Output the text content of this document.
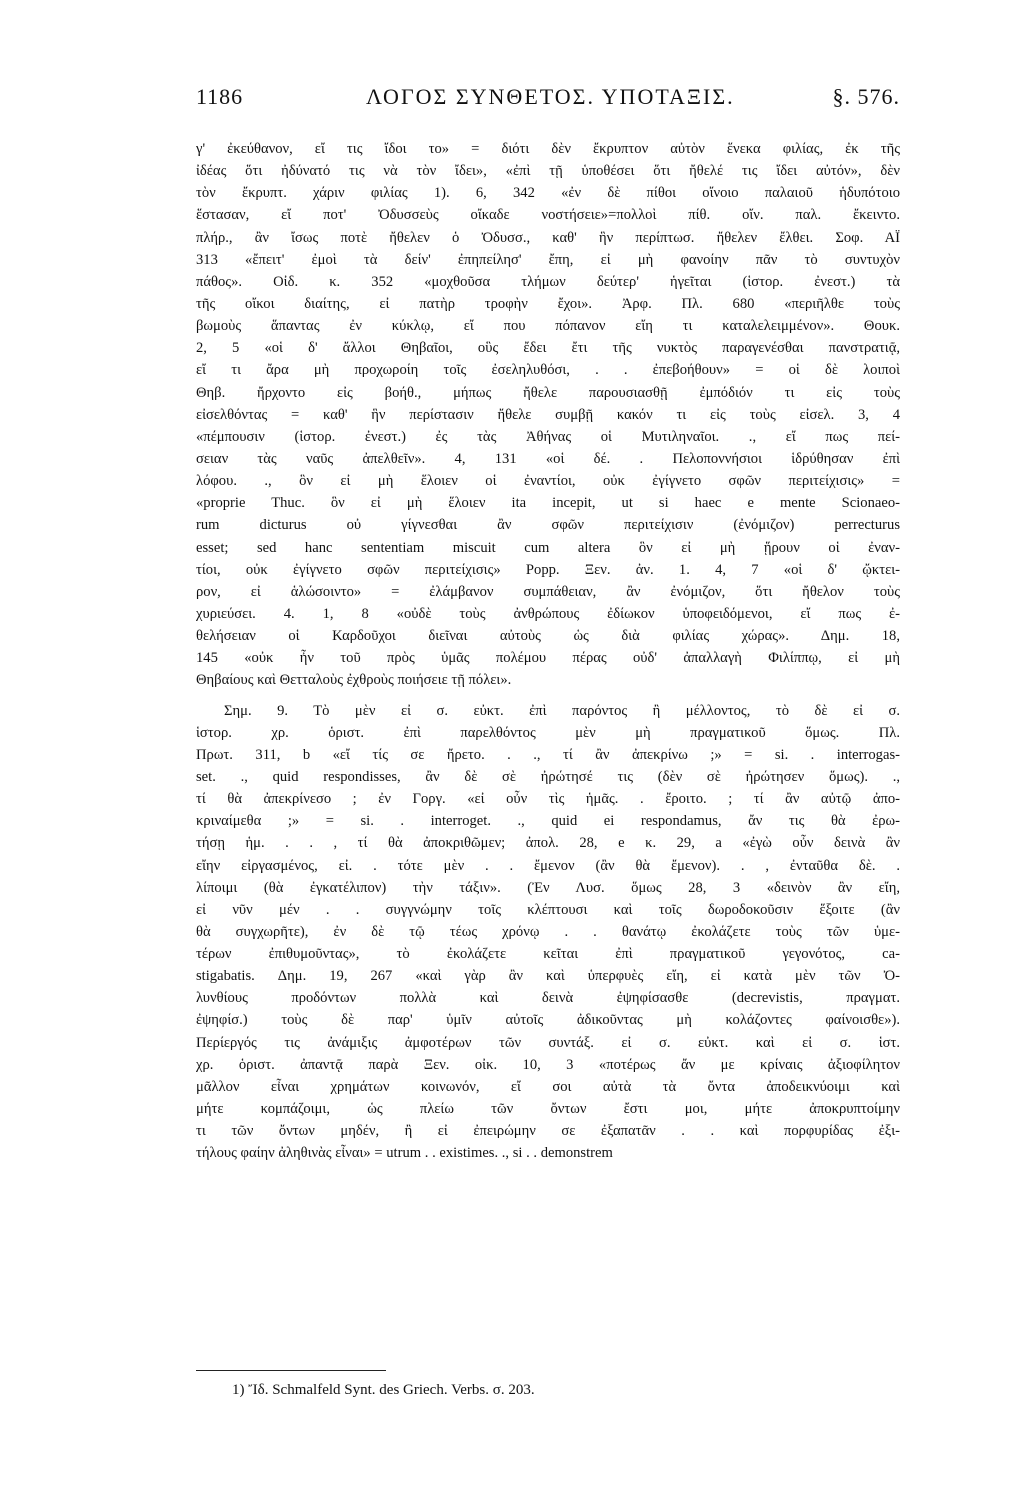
1186	ΛΟΓΟΣ ΣΥΝΘΕΤΟΣ. ΥΠΟΤΑΞΙΣ.	§. 576.
γ' ἐκεύθανον, εἴ τις ἴδοι το» = διότι δὲν ἔκρυπτον αὐτὸν ἕνεκα φιλίας, ἐκ τῆς
ἰδέας ὅτι ἠδύνατό τις νὰ τὸν ἴδει», «ἐπὶ τῇ ὑποθέσει ὅτι ἤθελέ τις ἴδει αὐτόν», δὲν
τὸν ἔκρυπτ. χάριν φιλίας 1). 6, 342 «ἐν δὲ πίθοι οἴνοιο παλαιοῦ ἡδυπότοιο
ἕστασαν, εἴ ποτ' Ὀδυσσεὺς οἴκαδε νοστήσειε»=πολλοὶ πίθ. οἴν. παλ. ἔκειντο.
πλήρ., ἂν ἴσως ποτὲ ἤθελεν ὁ Ὀδυσσ., καθ' ἣν περίπτωσ. ἤθελεν ἔλθει. Σοφ. ΑΪ
313 «ἔπειτ' ἐμοὶ τὰ δείν' ἐπηπείλησ' ἔπη, εἰ μὴ φανοίην πᾶν τὸ συντυχὸν
πάθος». Οἰδ. κ. 352 «μοχθοῦσα τλήμων δεύτερ' ἡγεῖται (ἱστορ. ἐνεστ.) τὰ
τῆς οἴκοι διαίτης, εἰ πατὴρ τροφὴν ἔχοι». Ἀρφ. Πλ. 680 «περιῆλθε τοὺς
βωμοὺς ἅπαντας ἐν κύκλῳ, εἴ που πόπανον εἴη τι καταλελειμμένον». Θουκ.
2, 5 «οἱ δ' ἄλλοι Θηβαῖοι, οὓς ἔδει ἔτι τῆς νυκτὸς παραγενέσθαι πανστρατιᾷ,
εἴ τι ἄρα μὴ προχωροίη τοῖς ἐσεληλυθόσι, . . ἐπεβοήθουν» = οἱ δὲ λοιποὶ
Θηβ. ἤρχοντο εἰς βοήθ., μήπως ἤθελε παρουσιασθῇ ἐμπόδιόν τι εἰς τοὺς
εἰσελθόντας = καθ' ἣν περίστασιν ἤθελε συμβῇ κακόν τι εἰς τοὺς εἰσελ. 3, 4
«πέμπουσιν (ἱστορ. ἐνεστ.) ἐς τὰς Ἀθήνας οἱ Μυτιληναῖοι. ., εἴ πως πεί-
σειαν τὰς ναῦς ἀπελθεῖν». 4, 131 «οἱ δέ. . Πελοποννήσιοι ἱδρύθησαν ἐπὶ
λόφου. ., ὃν εἰ μὴ ἕλοιεν οἱ ἐναντίοι, οὐκ ἐγίγνετο σφῶν περιτείχισις» =
«proprie Thuc. ὃν εἰ μὴ ἕλοιεν ita incepit, ut si haec e mente Scionaeo-
rum dicturus οὐ γίγνεσθαι ἂν σφῶν περιτείχισιν (ἐνόμιζον) perrecturus
esset; sed hanc sententiam miscuit cum altera ὃν εἰ μὴ ᾕρουν οἱ ἐναν-
τίοι, οὐκ ἐγίγνετο σφῶν περιτείχισις» Popp. Ξεν. ἀν. 1. 4, 7 «οἱ δ' ᾤκτει-
ρον, εἰ ἁλώσοιντο» = ἐλάμβανον συμπάθειαν, ἂν ἐνόμιζον, ὅτι ἤθελον τοὺς
χυριεύσει. 4. 1, 8 «οὐδὲ τοὺς ἀνθρώπους ἐδίωκον ὑποφειδόμενοι, εἴ πως ἐ-
θελήσειαν οἱ Καρδοῦχοι διεῖναι αὐτοὺς ὡς διὰ φιλίας χώρας». Δημ. 18,
145 «οὐκ ἦν τοῦ πρὸς ὑμᾶς πολέμου πέρας οὐδ' ἀπαλλαγὴ Φιλίππῳ, εἰ μὴ
Θηβαίους καὶ Θετταλοὺς ἐχθροὺς ποιήσειε τῇ πόλει».
Σημ. 9. Τὸ μὲν εἰ σ. εὐκτ. ἐπὶ παρόντος ἢ μέλλοντος, τὸ δὲ εἰ σ.
ἱστορ. χρ. ὁριστ. ἐπὶ παρελθόντος μὲν μὴ πραγματικοῦ ὅμως. Πλ.
Πρωτ. 311, b «εἴ τίς σε ἤρετο. . ., τί ἂν ἀπεκρίνω ;» = si. . interrogas-
set. ., quid respondisses, ἂν δὲ σὲ ἠρώτησέ τις (δὲν σὲ ἠρώτησεν ὅμως). .,
τί θὰ ἀπεκρίνεσο ; ἐν Γοργ. «εἰ οὖν τὶς ἡμᾶς. . ἔροιτο. ; τί ἂν αὐτῷ ἀπο-
κριναίμεθα ;» = si. . interroget. ., quid ei respondamus, ἄν τις θὰ ἐρω-
τήσῃ ἡμ. . . , τί θὰ ἀποκριθῶμεν; ἀπολ. 28, e κ. 29, a «ἐγὼ οὖν δεινὰ ἂν
εἴην εἰργασμένος, εἰ. . τότε μὲν . . ἔμενον (ἂν θὰ ἔμενον). . , ἐνταῦθα δὲ. .
λίποιμι (θὰ ἐγκατέλιπον) τὴν τάξιν». (Ἐν Λυσ. ὅμως 28, 3 «δεινὸν ἂν εἴη,
εἰ νῦν μέν . . συγγνώμην τοῖς κλέπτουσι καὶ τοῖς δωροδοκοῦσιν ἕξοιτε (ἂν
θὰ συγχωρῆτε), ἐν δὲ τῷ τέως χρόνῳ . . θανάτῳ ἐκολάζετε τοὺς τῶν ὑμε-
τέρων ἐπιθυμοῦντας», τὸ ἐκολάζετε κεῖται ἐπὶ πραγματικοῦ γεγονότος, ca-
stigabatis. Δημ. 19, 267 «καὶ γὰρ ἂν καὶ ὑπερφυὲς εἴη, εἰ κατὰ μὲν τῶν Ὀ-
λυνθίους προδόντων πολλὰ καὶ δεινὰ ἐψηφίσασθε (decrevistis, πραγματ.
ἐψηφίσ.) τοὺς δὲ παρ' ὑμῖν αὐτοῖς ἀδικοῦντας μὴ κολάζοντες φαίνοισθε»).
Περίεργός τις ἀνάμιξις ἀμφοτέρων τῶν συντάξ. εἰ σ. εὐκτ. καὶ εἰ σ. ἱστ.
χρ. ὁριστ. ἀπαντᾷ παρὰ Ξεν. οἰκ. 10, 3 «ποτέρως ἄν με κρίναις ἀξιοφίλητον
μᾶλλον εἶναι χρημάτων κοινωνόν, εἴ σοι αὐτὰ τὰ ὄντα ἀποδεικνύοιμι καὶ
μήτε κομπάζοιμι, ὡς πλείω τῶν ὄντων ἔστι μοι, μήτε ἀποκρυπτοίμην
τι τῶν ὄντων μηδέν, ἢ εἰ ἐπειρώμην σε ἐξαπατᾶν . . καὶ πορφυρίδας ἐξι-
τήλους φαίην ἀληθινὰς εἶναι» = utrum . . existimes. ., si . . demonstrem
1) Ἴδ. Schmalfeld Synt. des Griech. Verbs. σ. 203.
